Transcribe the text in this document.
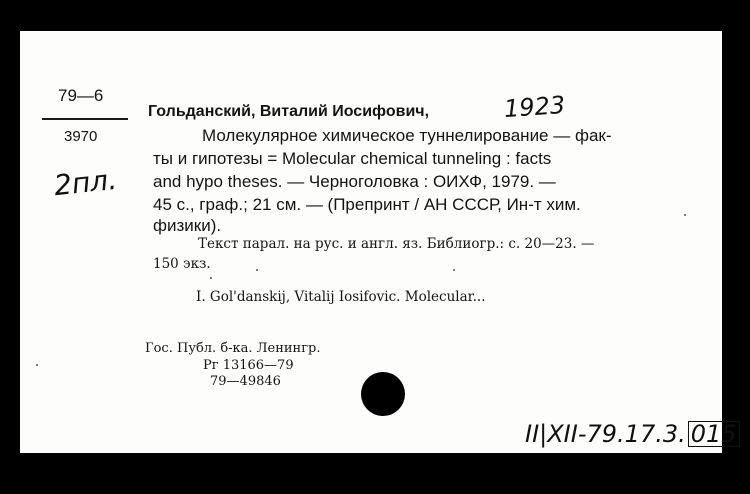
79—6
3970
2пл.
Гольданский, Виталий Иосифович,	1923
Молекулярное химическое туннелирование — фак-
ты и гипотезы = Molecular chemical tunneling : facts
and hypo theses. — Черноголовка : ОИХФ, 1979. —
45 с., граф.; 21 см. — (Препринт / АН СССР, Ин-т хим.
физики).
Текст парал. на рус. и англ. яз. Библиогр.: с. 20—23. —
150 экз.
I. Gol'danskij, Vitalij Iosifovic. Molecular...
Гос. Публ. б-ка. Ленингр.
Рг 13166—79
79—49846
II|XII-79.17.3. 015
